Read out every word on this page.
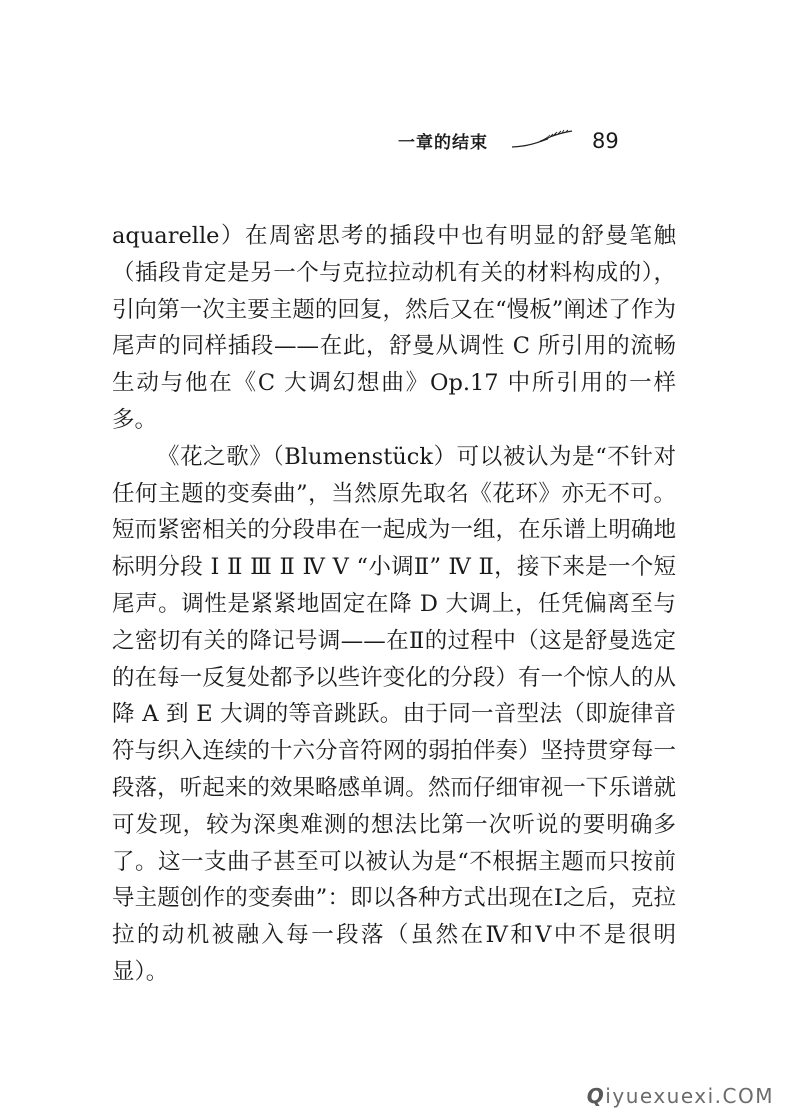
一章的结束	89

aquarelle）在周密思考的插段中也有明显的舒曼笔触（插段肯定是另一个与克拉拉动机有关的材料构成的），引向第一次主要主题的回复，然后又在“慢板”阐述了作为尾声的同样插段——在此，舒曼从调性 C 所引用的流畅生动与他在《C 大调幻想曲》Op.17 中所引用的一样多。

《花之歌》（Blumenstück）可以被认为是“不针对任何主题的变奏曲”，当然原先取名《花环》亦无不可。短而紧密相关的分段串在一起成为一组，在乐谱上明确地标明分段 Ⅰ Ⅱ Ⅲ Ⅱ Ⅳ Ⅴ “小调Ⅱ” Ⅳ Ⅱ，接下来是一个短尾声。调性是紧紧地固定在降 D 大调上，任凭偏离至与之密切有关的降记号调——在Ⅱ的过程中（这是舒曼选定的在每一反复处都予以些许变化的分段）有一个惊人的从降 A 到 E 大调的等音跳跃。由于同一音型法（即旋律音符与织入连续的十六分音符网的弱拍伴奏）坚持贯穿每一段落，听起来的效果略感单调。然而仔细审视一下乐谱就可发现，较为深奥难测的想法比第一次听说的要明确多了。这一支曲子甚至可以被认为是“不根据主题而只按前导主题创作的变奏曲”：即以各种方式出现在Ⅰ之后，克拉拉的动机被融入每一段落（虽然在Ⅳ和Ⅴ中不是很明显）。

Q iyuexuexi.COM
